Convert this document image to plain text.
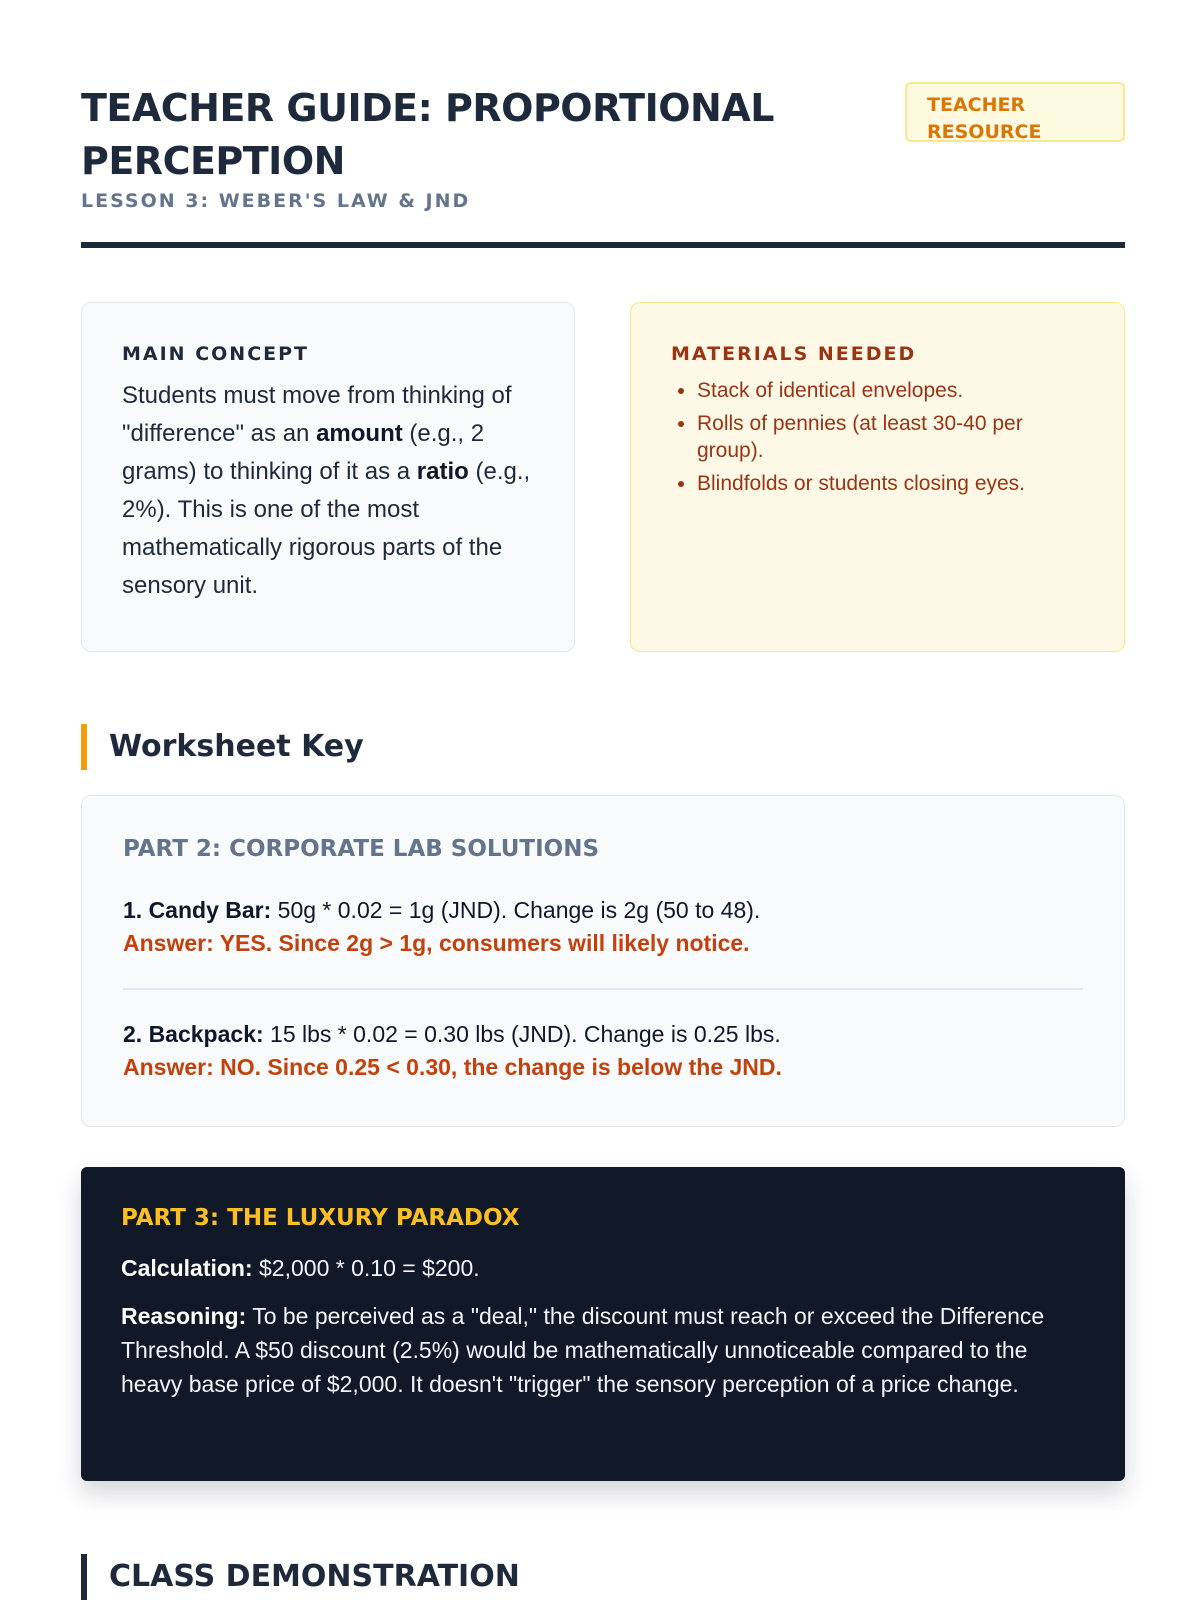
TEACHER GUIDE: PROPORTIONAL PERCEPTION

LESSON 3: WEBER'S LAW & JND

TEACHER RESOURCE
MAIN CONCEPT

Students must move from thinking of "difference" as an amount (e.g., 2 grams) to thinking of it as a ratio (e.g., 2%). This is one of the most mathematically rigorous parts of the sensory unit.

MATERIALS NEEDED
• Stack of identical envelopes.
• Rolls of pennies (at least 30-40 per group).
• Blindfolds or students closing eyes.
Worksheet Key
PART 2: CORPORATE LAB SOLUTIONS
1. Candy Bar: 50g * 0.02 = 1g (JND). Change is 2g (50 to 48).
Answer: YES. Since 2g > 1g, consumers will likely notice.
2. Backpack: 15 lbs * 0.02 = 0.30 lbs (JND). Change is 0.25 lbs.
Answer: NO. Since 0.25 < 0.30, the change is below the JND.
PART 3: THE LUXURY PARADOX

Calculation: $2,000 * 0.10 = $200.

Reasoning: To be perceived as a "deal," the discount must reach or exceed the Difference Threshold. A $50 discount (2.5%) would be mathematically unnoticeable compared to the heavy base price of $2,000. It doesn't "trigger" the sensory perception of a price change.

CLASS DEMONSTRATION
